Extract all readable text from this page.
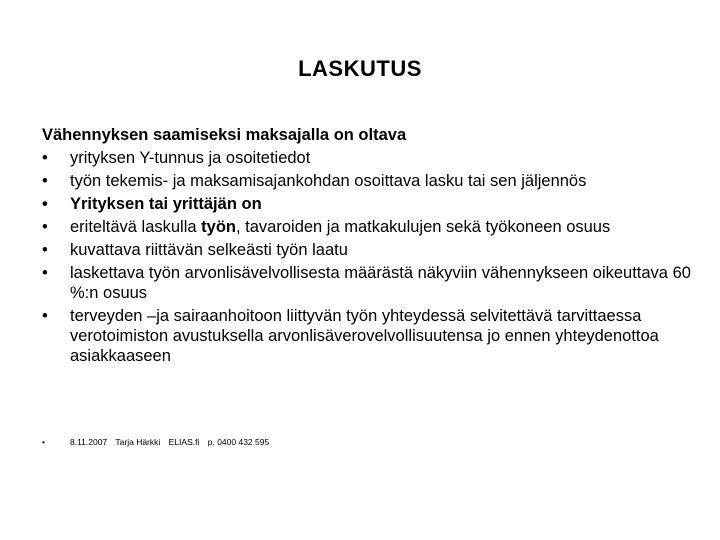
LASKUTUS
Vähennyksen saamiseksi maksajalla on oltava
• yrityksen Y-tunnus ja osoitetiedot
• työn tekemis- ja maksamisajankohdan osoittava lasku tai sen jäljennös
• Yrityksen tai yrittäjän on
• eriteltävä laskulla työn, tavaroiden ja matkakulujen sekä työkoneen osuus
• kuvattava riittävän selkeästi työn laatu
• laskettava työn arvonlisävelvollisesta määrästä näkyviin vähennykseen oikeuttava 60 %:n osuus
• terveyden –ja sairaanhoitoon liittyvän työn yhteydessä selvitettävä tarvittaessa verotoimiston avustuksella arvonlisäverovelvollisuutensa jo ennen yhteydenottoa asiakkaaseen
•	8.11.2007 Tarja Härkki ELIAS.fi p. 0400 432 595
